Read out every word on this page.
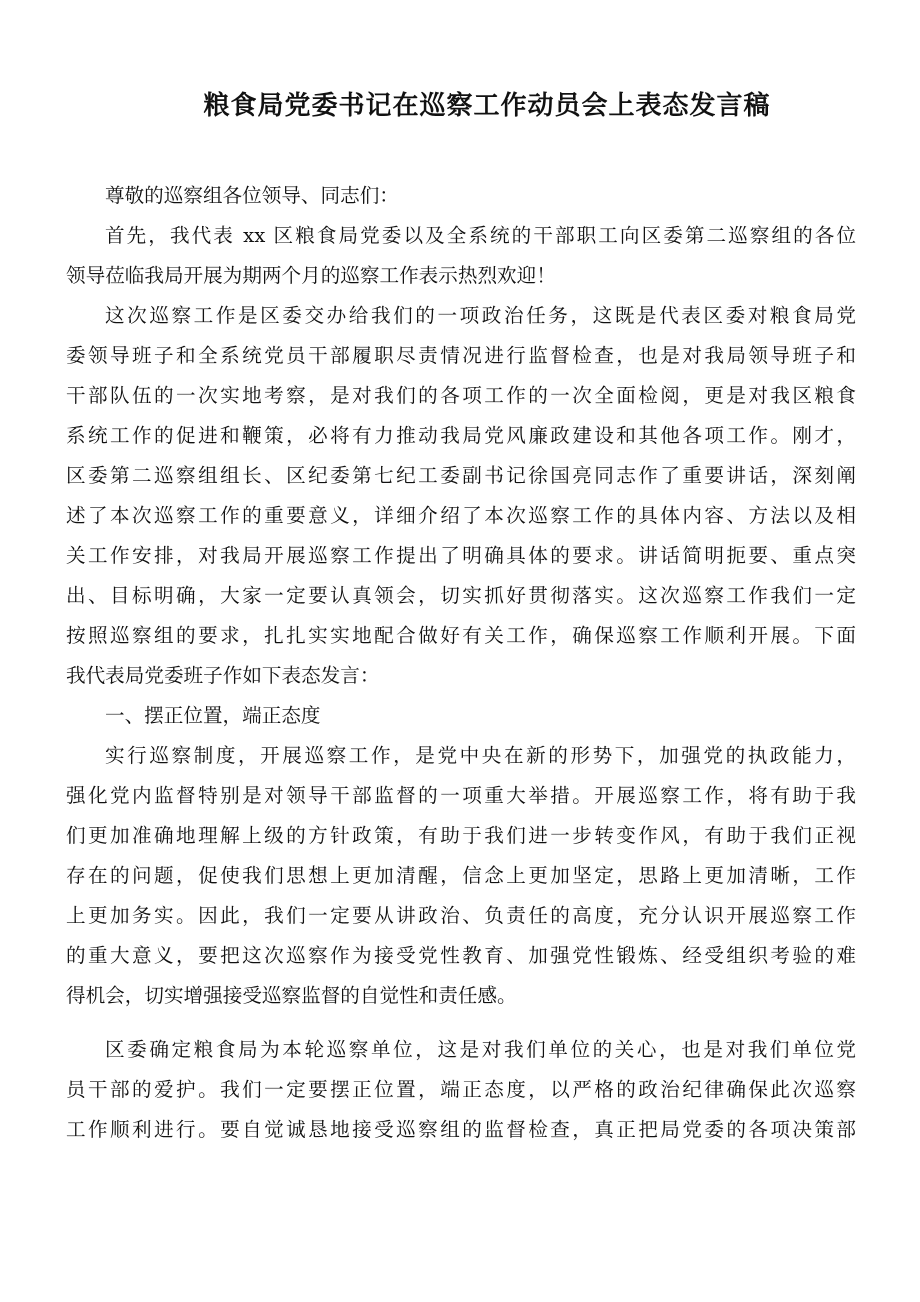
粮食局党委书记在巡察工作动员会上表态发言稿
尊敬的巡察组各位领导、同志们：
首先，我代表 xx 区粮食局党委以及全系统的干部职工向区委第二巡察组的各位
领导莅临我局开展为期两个月的巡察工作表示热烈欢迎！
这次巡察工作是区委交办给我们的一项政治任务，这既是代表区委对粮食局党
委领导班子和全系统党员干部履职尽责情况进行监督检查，也是对我局领导班子和
干部队伍的一次实地考察，是对我们的各项工作的一次全面检阅，更是对我区粮食
系统工作的促进和鞭策，必将有力推动我局党风廉政建设和其他各项工作。刚才，
区委第二巡察组组长、区纪委第七纪工委副书记徐国亮同志作了重要讲话，深刻阐
述了本次巡察工作的重要意义，详细介绍了本次巡察工作的具体内容、方法以及相
关工作安排，对我局开展巡察工作提出了明确具体的要求。讲话简明扼要、重点突
出、目标明确，大家一定要认真领会，切实抓好贯彻落实。这次巡察工作我们一定
按照巡察组的要求，扎扎实实地配合做好有关工作，确保巡察工作顺利开展。下面
我代表局党委班子作如下表态发言：
一、摆正位置，端正态度
实行巡察制度，开展巡察工作，是党中央在新的形势下，加强党的执政能力，
强化党内监督特别是对领导干部监督的一项重大举措。开展巡察工作，将有助于我
们更加准确地理解上级的方针政策，有助于我们进一步转变作风，有助于我们正视
存在的问题，促使我们思想上更加清醒，信念上更加坚定，思路上更加清晰，工作
上更加务实。因此，我们一定要从讲政治、负责任的高度，充分认识开展巡察工作
的重大意义，要把这次巡察作为接受党性教育、加强党性锻炼、经受组织考验的难
得机会，切实增强接受巡察监督的自觉性和责任感。
区委确定粮食局为本轮巡察单位，这是对我们单位的关心，也是对我们单位党
员干部的爱护。我们一定要摆正位置，端正态度，以严格的政治纪律确保此次巡察
工作顺利进行。要自觉诚恳地接受巡察组的监督检查，真正把局党委的各项决策部
